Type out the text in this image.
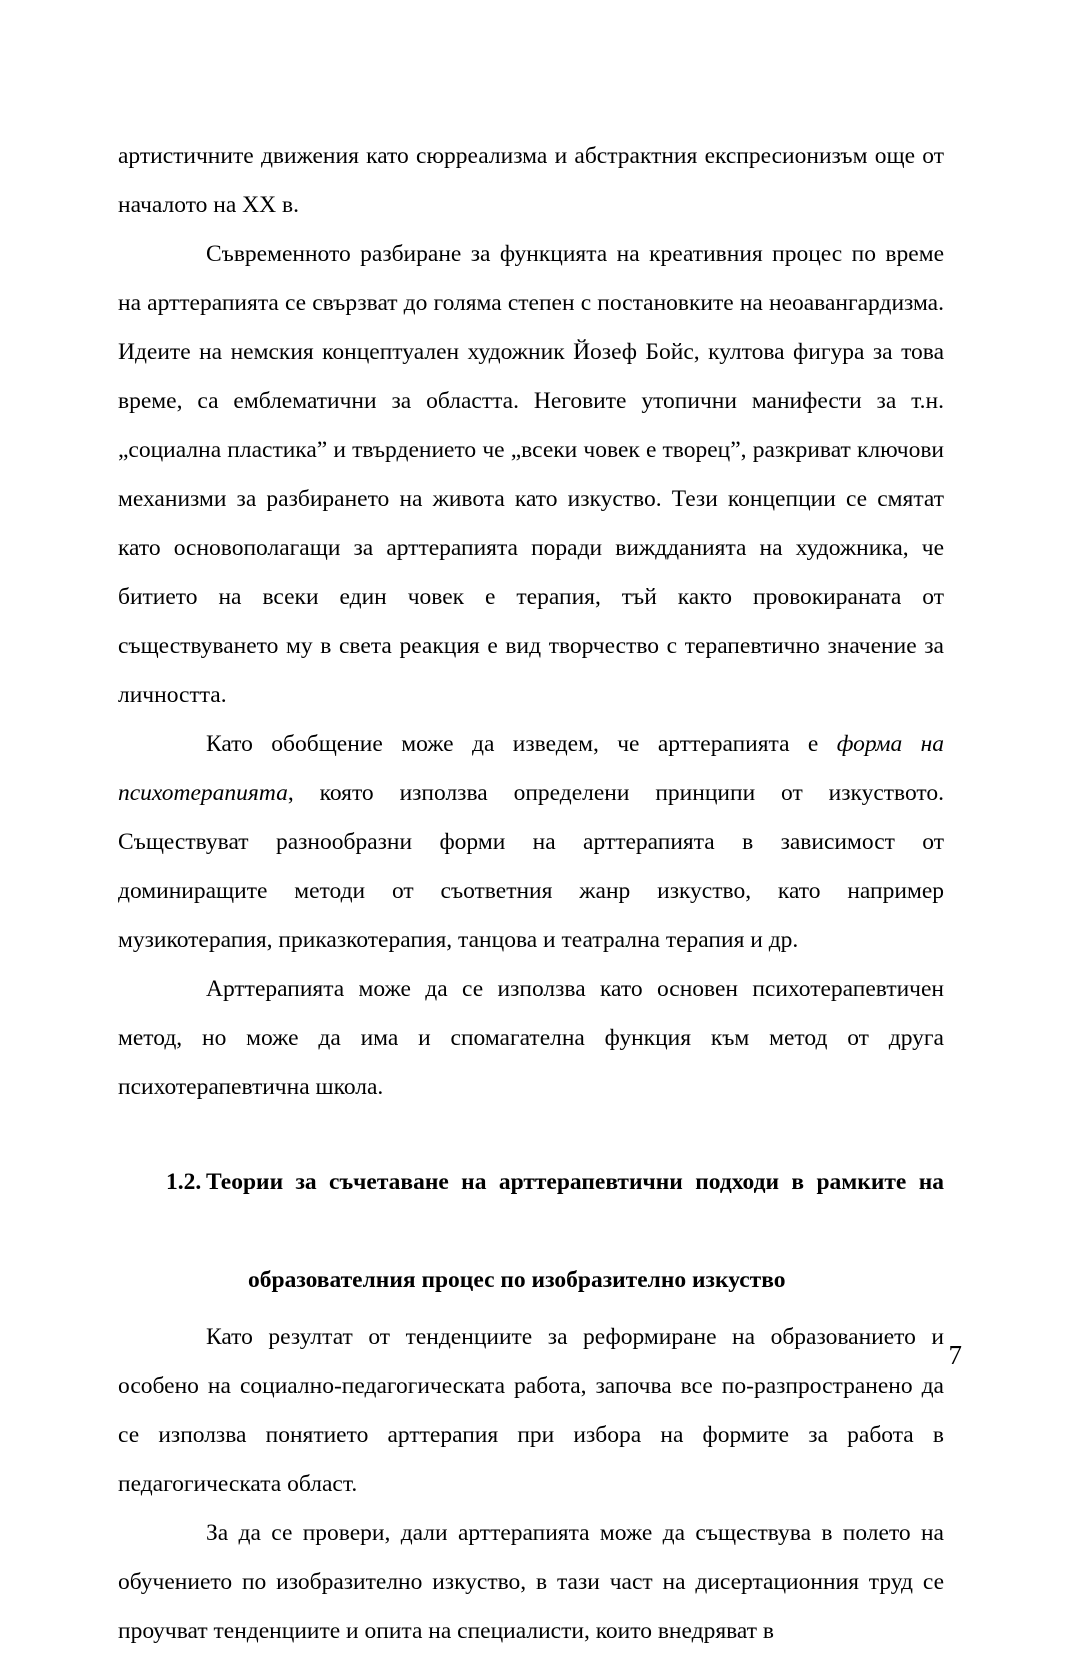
артистичните движения като сюрреализма и абстрактния експресионизъм още от началото на ХХ в.

Съвременното разбиране за функцията на креативния процес по време на арттерапията се свързват до голяма степен с постановките на неоавангардизма. Идеите на немския концептуален художник Йозеф Бойс, култова фигура за това време, са емблематични за областта. Неговите утопични манифести за т.н. „социална пластика” и твърдението че „всеки човек е творец”, разкриват ключови механизми за разбирането на живота като изкуство. Тези концепции се смятат като основополагащи за арттерапията поради виждданията на художника, че битието на всеки един човек е терапия, тъй както провокираната от съществуването му в света реакция е вид творчество с терапевтично значение за личността.

Като обобщение може да изведем, че арттерапията е форма на психотерапията, която използва определени принципи от изкуството. Съществуват разнообразни форми на арттерапията в зависимост от доминиращите методи от съответния жанр изкуство, като например музикотерапия, приказкотерапия, танцова и театрална терапия и др.

Арттерапията може да се използва като основен психотерапевтичен метод, но може да има и спомагателна функция към метод от друга психотерапевтична школа.

1.2. Теории за съчетаване на арттерапевтични подходи в рамките на
образователния процес по изобразително изкуство

Като резултат от тенденциите за реформиране на образованието и особено на социално-педагогическата работа, започва все по-разпространено да се използва понятието арттерапия при избора на формите за работа в педагогическата област.

За да се провери, дали арттерапията може да съществува в полето на обучението по изобразително изкуство, в тази част на дисертационния труд се проучват тенденциите и опита на специалисти, които внедряват в

7
